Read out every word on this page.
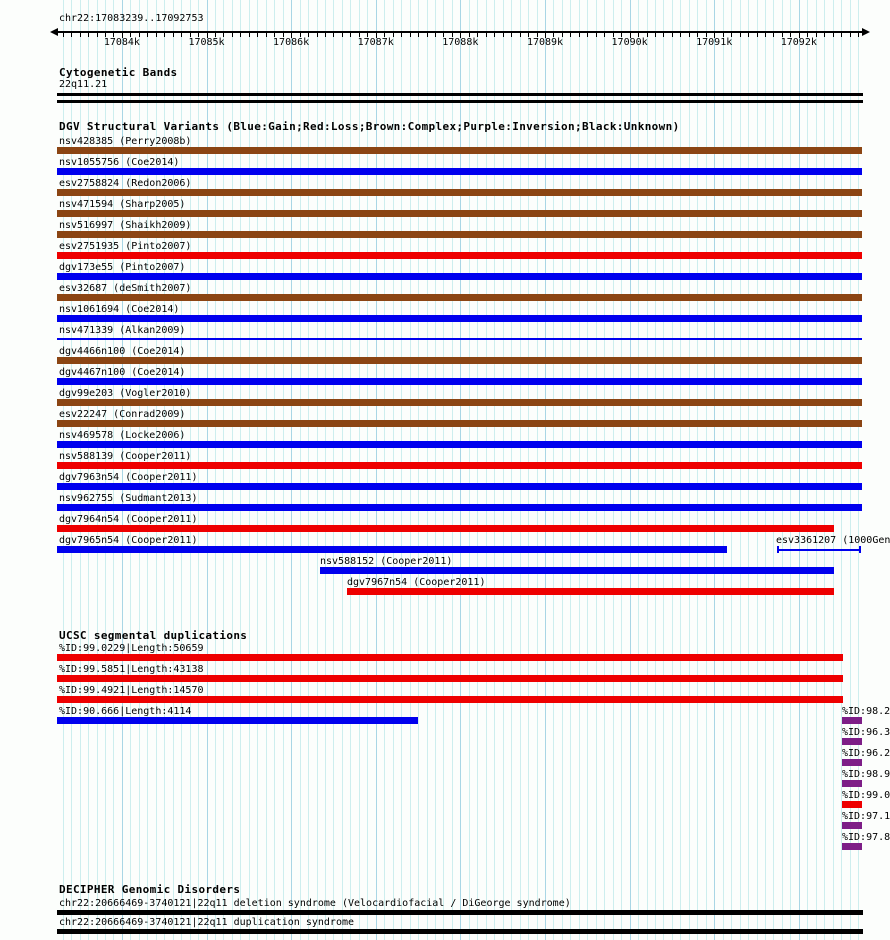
chr22:17083239..17092753
17084k	17085k	17086k	17087k	17088k	17089k	17090k	17091k	17092k
Cytogenetic Bands
22q11.21
DGV Structural Variants (Blue:Gain;Red:Loss;Brown:Complex;Purple:Inversion;Black:Unknown)
nsv428385 (Perry2008b)
nsv1055756 (Coe2014)
esv2758824 (Redon2006)
nsv471594 (Sharp2005)
nsv516997 (Shaikh2009)
esv2751935 (Pinto2007)
dgv173e55 (Pinto2007)
esv32687 (deSmith2007)
nsv1061694 (Coe2014)
nsv471339 (Alkan2009)
dgv4466n100 (Coe2014)
dgv4467n100 (Coe2014)
dgv99e203 (Vogler2010)
esv22247 (Conrad2009)
nsv469578 (Locke2006)
nsv588139 (Cooper2011)
dgv7963n54 (Cooper2011)
nsv962755 (Sudmant2013)
dgv7964n54 (Cooper2011)
dgv7965n54 (Cooper2011)	esv3361207 (1000Gen
nsv588152 (Cooper2011)
dgv7967n54 (Cooper2011)
UCSC segmental duplications
%ID:99.0229|Length:50659
%ID:99.5851|Length:43138
%ID:99.4921|Length:14570
%ID:90.666|Length:4114	%ID:98.2
%ID:96.3
%ID:96.2
%ID:98.9
%ID:99.0
%ID:97.1
%ID:97.8
DECIPHER Genomic Disorders
chr22:20666469-3740121|22q11 deletion syndrome (Velocardiofacial / DiGeorge syndrome)
chr22:20666469-3740121|22q11 duplication syndrome
